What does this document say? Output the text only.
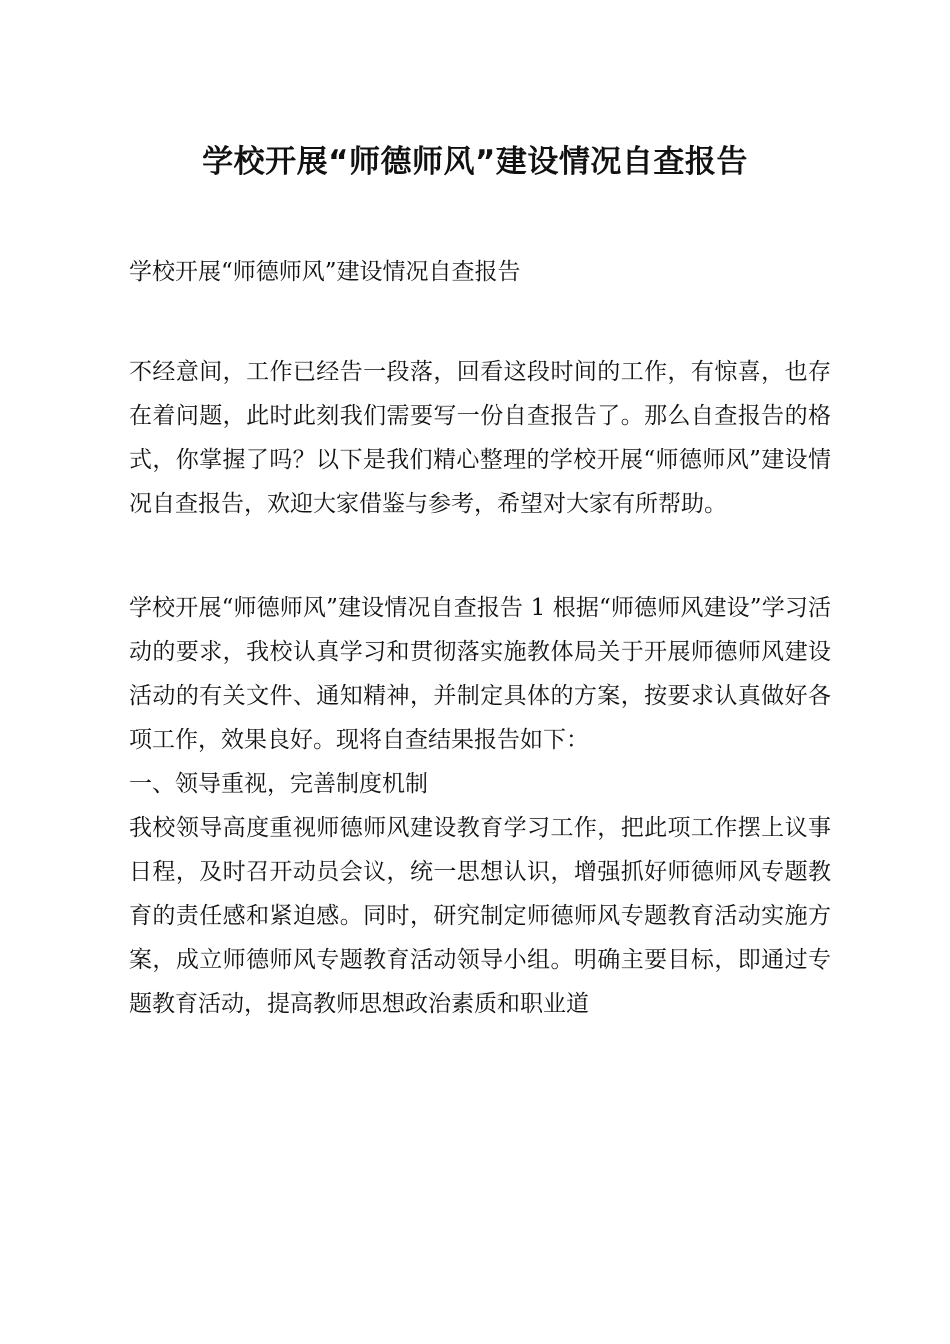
学校开展“师德师风”建设情况自查报告

学校开展“师德师风”建设情况自查报告

不经意间，工作已经告一段落，回看这段时间的工作，有惊喜，也存在着问题，此时此刻我们需要写一份自查报告了。那么自查报告的格式，你掌握了吗？以下是我们精心整理的学校开展“师德师风”建设情况自查报告，欢迎大家借鉴与参考，希望对大家有所帮助。

学校开展“师德师风”建设情况自查报告 1 根据“师德师风建设”学习活动的要求，我校认真学习和贯彻落实施教体局关于开展师德师风建设活动的有关文件、通知精神，并制定具体的方案，按要求认真做好各项工作，效果良好。现将自查结果报告如下：

一、领导重视，完善制度机制

我校领导高度重视师德师风建设教育学习工作，把此项工作摆上议事日程，及时召开动员会议，统一思想认识，增强抓好师德师风专题教育的责任感和紧迫感。同时，研究制定师德师风专题教育活动实施方案，成立师德师风专题教育活动领导小组。明确主要目标，即通过专题教育活动，提高教师思想政治素质和职业道
